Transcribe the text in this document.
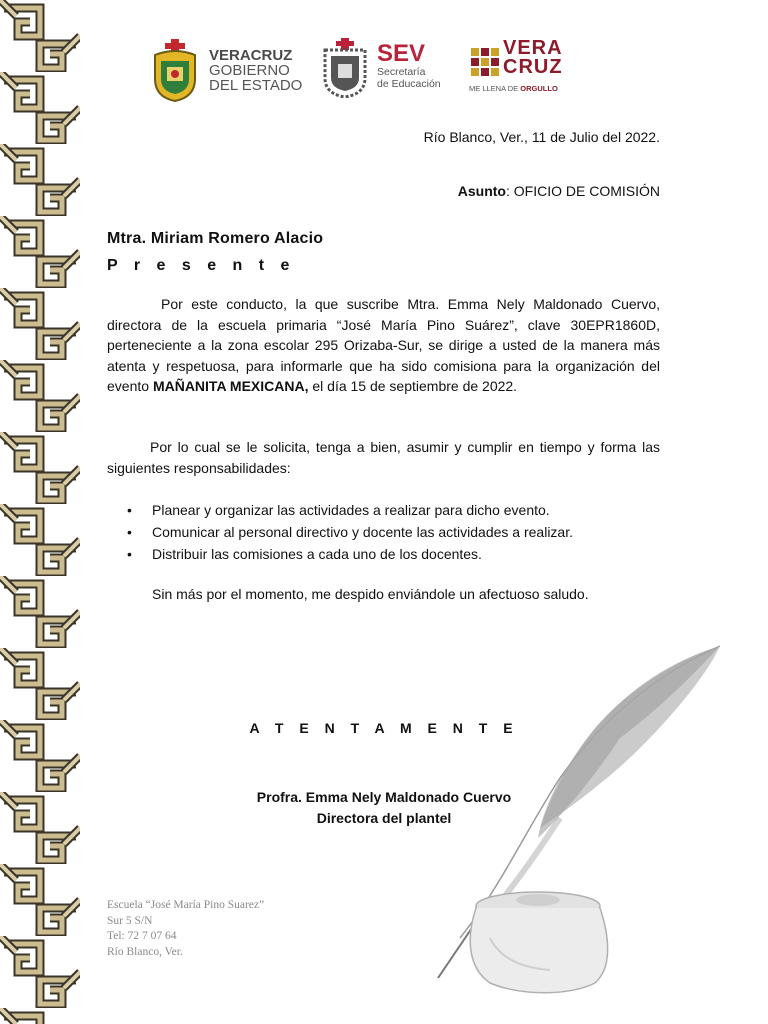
VERACRUZ
GOBIERNO
DEL ESTADO
SEV
Secretaría
de Educación
VERA
CRUZ
ME LLENA DE ORGULLO
Río Blanco, Ver., 11 de Julio del 2022.
Asunto: OFICIO DE COMISIÓN
Mtra. Miriam Romero Alacio
P r e s e n t e
Por este conducto, la que suscribe Mtra. Emma Nely Maldonado Cuervo, directora de la escuela primaria “José María Pino Suárez”, clave 30EPR1860D, perteneciente a la zona escolar 295 Orizaba-Sur, se dirige a usted de la manera más atenta y respetuosa, para informarle que ha sido comisiona para la organización del evento MAÑANITA MEXICANA, el día 15 de septiembre de 2022.
Por lo cual se le solicita, tenga a bien, asumir y cumplir en tiempo y forma las siguientes responsabilidades:
• Planear y organizar las actividades a realizar para dicho evento.
• Comunicar al personal directivo y docente las actividades a realizar.
• Distribuir las comisiones a cada uno de los docentes.
Sin más por el momento, me despido enviándole un afectuoso saludo.
A T E N T A M E N T E
Profra. Emma Nely Maldonado Cuervo
Directora del plantel
Escuela “José María Pino Suarez”
Sur 5 S/N
Tel: 72 7 07 64
Río Blanco, Ver.
